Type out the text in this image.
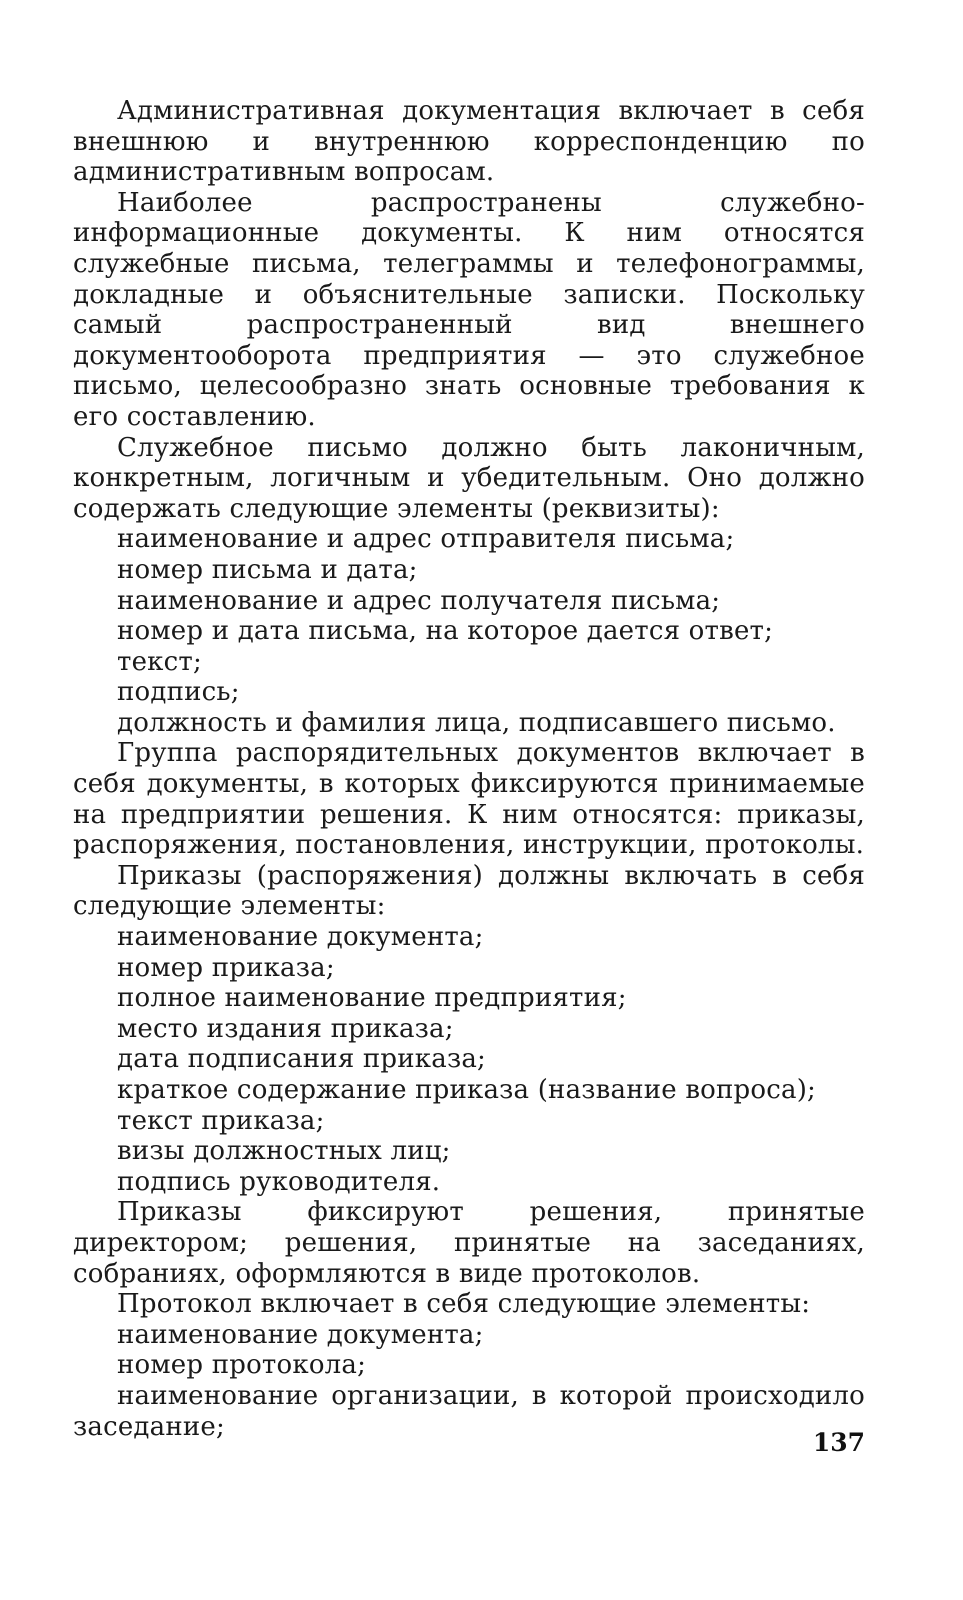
Административная документация включает в себя внешнюю и внутреннюю корреспонденцию по административным вопросам.

Наиболее распространены служебно-информационные документы. К ним относятся служебные письма, телеграммы и телефонограммы, докладные и объяснительные записки. Поскольку самый распространенный вид внешнего документооборота предприятия — это служебное письмо, целесообразно знать основные требования к его составлению.

Служебное письмо должно быть лаконичным, конкретным, логичным и убедительным. Оно должно содержать следующие элементы (реквизиты):

наименование и адрес отправителя письма;

номер письма и дата;

наименование и адрес получателя письма;

номер и дата письма, на которое дается ответ;

текст;

подпись;

должность и фамилия лица, подписавшего письмо.

Группа распорядительных документов включает в себя документы, в которых фиксируются принимаемые на предприятии решения. К ним относятся: приказы, распоряжения, постановления, инструкции, протоколы.

Приказы (распоряжения) должны включать в себя следующие элементы:

наименование документа;

номер приказа;

полное наименование предприятия;

место издания приказа;

дата подписания приказа;

краткое содержание приказа (название вопроса);

текст приказа;

визы должностных лиц;

подпись руководителя.

Приказы фиксируют решения, принятые директором; решения, принятые на заседаниях, собраниях, оформляются в виде протоколов.

Протокол включает в себя следующие элементы:

наименование документа;

номер протокола;

наименование организации, в которой происходило заседание;

137
